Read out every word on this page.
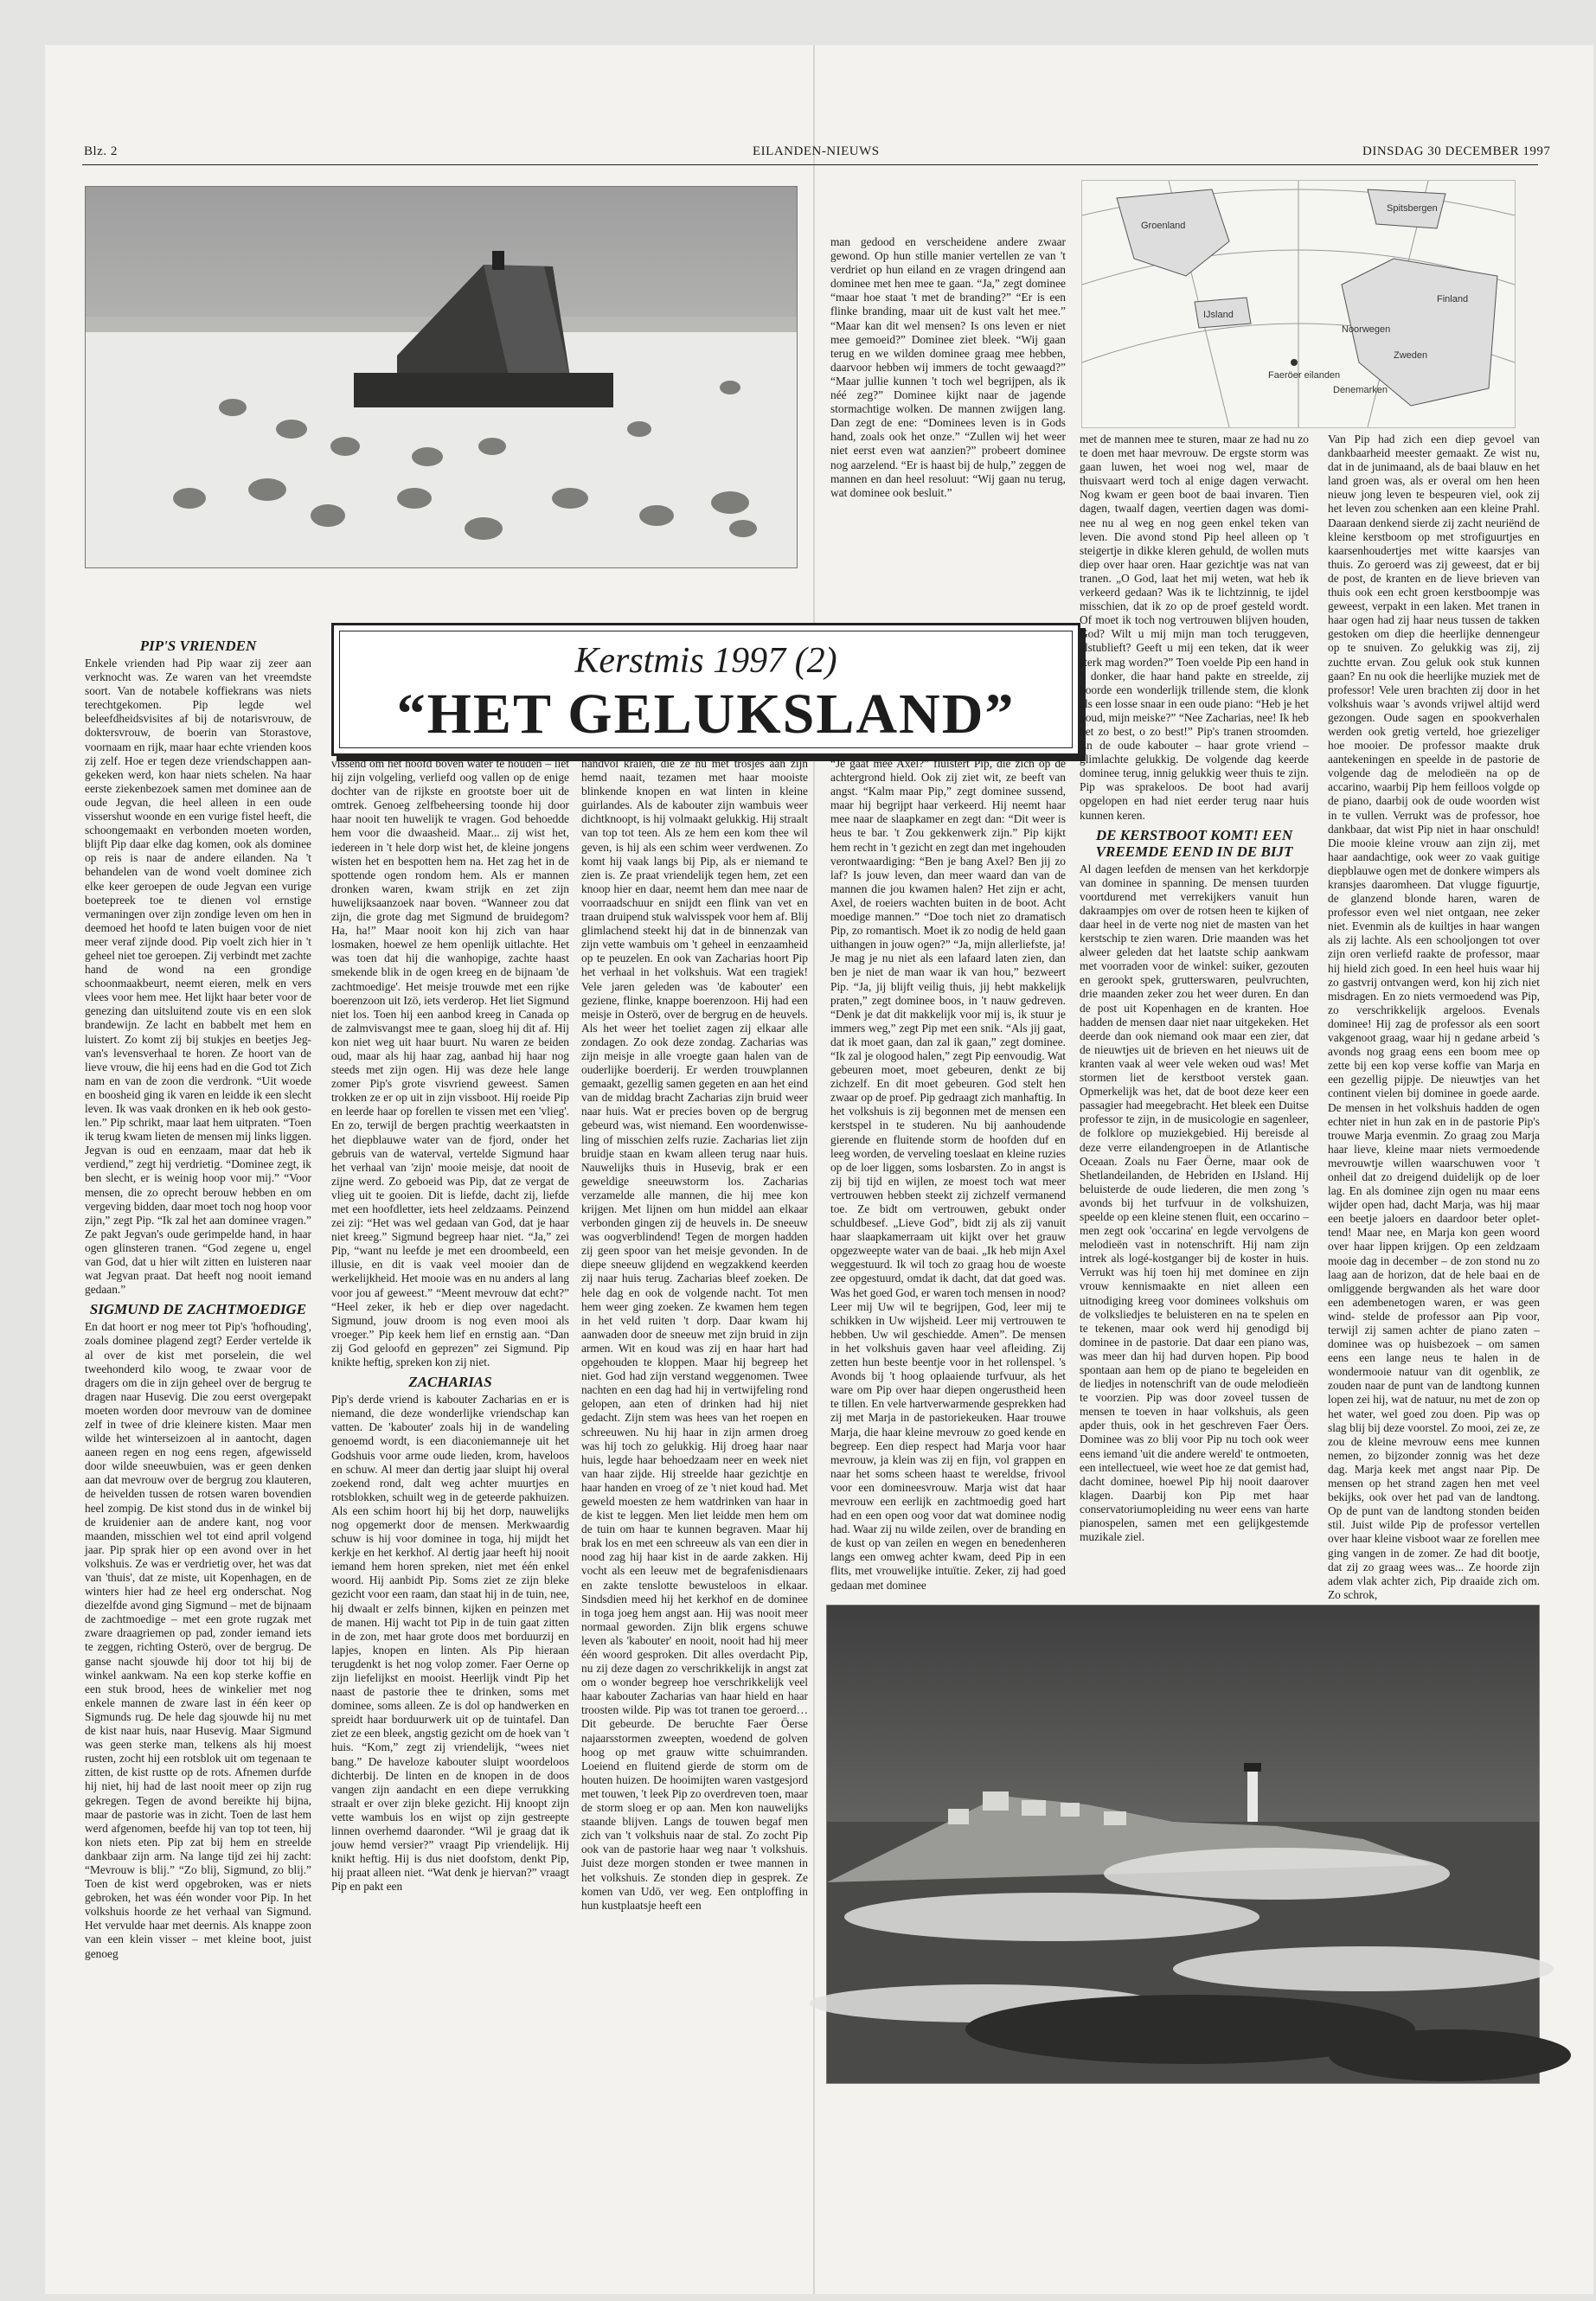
Blz. 2	EILANDEN-NIEUWS	DINSDAG 30 DECEMBER 1997
Spitsbergen
Groenland
IJsland
Finland
Noorwegen
Zweden
Faeröer eilanden
Denemarken
Kerstmis 1997 (2)
“HET GELUKSLAND”
PIP'S VRIENDEN

Enkele vrienden had Pip waar zij zeer aan verknocht was. Ze waren van het vreemdste soort. Van de notabele koffiekrans was niets terechtgekomen. Pip legde wel beleefdheidsvisites af bij de notarisvrouw, de doktersvrouw, de boerin van Storastove, voornaam en rijk, maar haar echte vrienden koos zij zelf. Hoe er tegen deze vriendschappen aangekeken werd, kon haar niets schelen. Na haar eerste ziekenbezoek samen met dominee aan de oude Jegvan, die heel alleen in een oude vissershut woonde en een vurige fistel heeft, die schoongemaakt en verbonden moeten worden, blijft Pip daar elke dag komen, ook als dominee op reis is naar de andere eilanden. Na 't behandelen van de wond voelt dominee zich elke keer geroepen de oude Jegvan een vurige boetepreek toe te dienen vol ernstige vermaningen over zijn zondige leven om hen in deemoed het hoofd te laten buigen voor de niet meer veraf zijnde dood. Pip voelt zich hier in 't geheel niet toe geroepen. Zij verbindt met zachte hand de wond na een grondige schoonmaakbeurt, neemt eieren, melk en vers vlees voor hem mee. Het lijkt haar beter voor de genezing dan uitsluitend zoute vis en een slok brandewijn. Ze lacht en babbelt met hem en luistert. Zo komt zij bij stukjes en beetjes Jegvan's levensverhaal te horen. Ze hoort van de lieve vrouw, die hij eens had en die God tot Zich nam en van de zoon die verdronk. “Uit woede en boosheid ging ik varen en leidde ik een slecht leven. Ik was vaak dronken en ik heb ook gestolen.” Pip schrikt, maar laat hem uitpraten. “Toen ik terug kwam lieten de mensen mij links liggen. Jegvan is oud en eenzaam, maar dat heb ik verdiend,” zegt hij verdrietig. “Dominee zegt, ik ben slecht, er is weinig hoop voor mij.” “Voor mensen, die zo oprecht berouw hebben en om vergeving bidden, daar moet toch nog hoop voor zijn,” zegt Pip. “Ik zal het aan dominee vragen.” Ze pakt Jegvan's oude gerimpelde hand, in haar ogen glinsteren tranen. “God zegene u, engel van God, dat u hier wilt zitten en luisteren naar wat Jegvan praat. Dat heeft nog nooit iemand gedaan.”

SIGMUND DE ZACHTMOEDIGE

En dat hoort er nog meer tot Pip's 'hofhouding', zoals dominee plagend zegt? Eerder vertelde ik al over de kist met porselein, die wel tweehonderd kilo woog, te zwaar voor de dragers om die in zijn geheel over de bergrug te dragen naar Husevig. Die zou eerst overgepakt moeten worden door mevrouw van de dominee zelf in twee of drie kleinere kisten. Maar men wilde het winterseizoen al in aantocht, dagen aaneen regen en nog eens regen, afgewisseld door wilde sneeuwbuien, was er geen denken aan dat mevrouw over de bergrug zou klauteren, de heivelden tussen de rotsen waren bovendien heel zompig. De kist stond dus in de winkel bij de kruidenier aan de andere kant, nog voor maanden, misschien wel tot eind april volgend jaar. Pip sprak hier op een avond over in het volkshuis. Ze was er verdrietig over, het was dat van 'thuis', dat ze miste, uit Kopenhagen, en de winters hier had ze heel erg onderschat. Nog diezelfde avond ging Sigmund – met de bijnaam de zachtmoedige – met een grote rugzak met zware draagriemen op pad, zonder iemand iets te zeggen, richting Osterö, over de bergrug. De ganse nacht sjouwde hij door tot hij bij de winkel aankwam. Na een kop sterke koffie en een stuk brood, hees de winkelier met nog enkele mannen de zware last in één keer op Sigmunds rug. De hele dag sjouwde hij nu met de kist naar huis, naar Husevig. Maar Sigmund was geen sterke man, telkens als hij moest rusten, zocht hij een rotsblok uit om tegenaan te zitten, de kist rustte op de rots. Afnemen durfde hij niet, hij had de last nooit meer op zijn rug gekregen. Tegen de avond bereikte hij bijna, maar de pastorie was in zicht. Toen de last hem werd afgenomen, beefde hij van top tot teen, hij kon niets eten. Pip zat bij hem en streelde dankbaar zijn arm. Na lange tijd zei hij zacht: “Mevrouw is blij.” “Zo blij, Sigmund, zo blij.” Toen de kist werd opgebroken, was er niets gebroken, het was één wonder voor Pip. In het volkshuis hoorde ze het verhaal van Sigmund. Het vervulde haar met deernis. Als knappe zoon van een klein visser – met kleine boot, juist genoeg

vissend om het hoofd boven water te houden – liet hij zijn volgeling, verliefd oog vallen op de enige dochter van de rijkste en grootste boer uit de omtrek. Genoeg zelfbeheersing toonde hij door haar nooit ten huwelijk te vragen. God behoedde hem voor die dwaasheid. Maar... zij wist het, iedereen in 't hele dorp wist het, de kleine jongens wisten het en bespotten hem na. Het zag het in de spottende ogen rondom hem. Als er mannen dronken waren, kwam strijk en zet zijn huwelijksaanzoek naar boven. “Wanneer zou dat zijn, die grote dag met Sigmund de bruidegom? Ha, ha!” Maar nooit kon hij zich van haar losmaken, hoewel ze hem openlijk uitlachte. Het was toen dat hij die wanhopige, zachte haast smekende blik in de ogen kreeg en de bijnaam 'de zachtmoedige'. Het meisje trouwde met een rijke boerenzoon uit Izö, iets verderop. Het liet Sigmund niet los. Toen hij een aanbod kreeg in Canada op de zalmvisvangst mee te gaan, sloeg hij dit af. Hij kon niet weg uit haar buurt. Nu waren ze beiden oud, maar als hij haar zag, aanbad hij haar nog steeds met zijn ogen. Hij was deze hele lange zomer Pip's grote visvriend geweest. Samen trokken ze er op uit in zijn vissboot. Hij roeide Pip en leerde haar op forellen te vissen met een 'vlieg'. En zo, terwijl de bergen prachtig weerkaatsten in het diepblauwe water van de fjord, onder het gebruis van de waterval, vertelde Sigmund haar het verhaal van 'zijn' mooie meisje, dat nooit de zijne werd. Zo geboeid was Pip, dat ze vergat de vlieg uit te gooien. Dit is liefde, dacht zij, liefde met een hoofdletter, iets heel zeldzaams. Peinzend zei zij: “Het was wel gedaan van God, dat je haar niet kreeg.” Sigmund begreep haar niet. “Ja,” zei Pip, “want nu leefde je met een droombeeld, een illusie, en dit is vaak veel mooier dan de werkelijkheid. Het mooie was en nu anders al lang voor jou af geweest.” “Meent mevrouw dat echt?” “Heel zeker, ik heb er diep over nagedacht. Sigmund, jouw droom is nog even mooi als vroeger.” Pip keek hem lief en ernstig aan. “Dan zij God geloofd en geprezen” zei Sigmund. Pip knikte heftig, spreken kon zij niet.

ZACHARIAS

Pip's derde vriend is kabouter Zacharias en er is niemand, die deze wonderlijke vriendschap kan vatten. De 'kabouter' zoals hij in de wandeling genoemd wordt, is een diaconiemanneje uit het Godshuis voor arme oude lieden, krom, haveloos en schuw. Al meer dan dertig jaar sluipt hij overal zoekend rond, dalt weg achter muurtjes en rotsblokken, schuilt weg in de geteerde pakhuizen. Als een schim hoort hij bij het dorp, nauwelijks nog opgemerkt door de mensen. Merkwaardig schuw is hij voor dominee in toga, hij mijdt het kerkje en het kerkhof. Al dertig jaar heeft hij nooit iemand hem horen spreken, niet met één enkel woord. Hij aanbidt Pip. Soms ziet ze zijn bleke gezicht voor een raam, dan staat hij in de tuin, nee, hij dwaalt er zelfs binnen, kijken en peinzen met de manen. Hij wacht tot Pip in de tuin gaat zitten in de zon, met haar grote doos met borduurzij en lapjes, knopen en linten. Als Pip hieraan terugdenkt is het nog volop zomer. Faer Oerne op zijn liefelijkst en mooist. Heerlijk vindt Pip het naast de pastorie thee te drinken, soms met dominee, soms alleen. Ze is dol op handwerken en spreidt haar borduurwerk uit op de tuintafel. Dan ziet ze een bleek, angstig gezicht om de hoek van 't huis. “Kom,” zegt zij vriendelijk, “wees niet bang.” De haveloze kabouter sluipt woordeloos dichterbij. De linten en de knopen in de doos vangen zijn aandacht en een diepe verrukking straalt er over zijn bleke gezicht. Hij knoopt zijn vette wambuis los en wijst op zijn gestreepte linnen overhemd daaronder. “Wil je graag dat ik jouw hemd versier?” vraagt Pip vriendelijk. Hij knikt heftig. Hij is dus niet doofstom, denkt Pip, hij praat alleen niet. “Wat denk je hiervan?” vraagt Pip en pakt een

handvol kralen, die ze nu met trosjes aan zijn hemd naait, tezamen met haar mooiste blinkende knopen en wat linten in kleine guirlandes. Als de kabouter zijn wambuis weer dichtknoopt, is hij volmaakt gelukkig. Hij straalt van top tot teen. Als ze hem een kom thee wil geven, is hij als een schim weer verdwenen. Zo komt hij vaak langs bij Pip, als er niemand te zien is. Ze praat vriendelijk tegen hem, zet een knoop hier en daar, neemt hem dan mee naar de voorraadschuur en snijdt een flink van vet en traan druipend stuk walvisspek voor hem af. Blij glimlachend steekt hij dat in de binnenzak van zijn vette wambuis om 't geheel in eenzaamheid op te peuzelen. En ook van Zacharias hoort Pip het verhaal in het volkshuis. Wat een tragiek! Vele jaren geleden was 'de kabouter' een geziene, flinke, knappe boerenzoon. Hij had een meisje in Osterö, over de bergrug en de heuvels. Als het weer het toeliet zagen zij elkaar alle zondagen. Zo ook deze zondag. Zacharias was zijn meisje in alle vroegte gaan halen van de ouderlijke boerderij. Er werden trouwplannen gemaakt, gezellig samen gegeten en aan het eind van de middag bracht Zacharias zijn bruid weer naar huis. Wat er precies boven op de bergrug gebeurd was, wist niemand. Een woordenwisseling of misschien zelfs ruzie. Zacharias liet zijn bruidje staan en kwam alleen terug naar huis. Nauwelijks thuis in Husevig, brak er een geweldige sneeuwstorm los. Zacharias verzamelde alle mannen, die hij mee kon krijgen. Met lijnen om hun middel aan elkaar verbonden gingen zij de heuvels in. De sneeuw was oogverblindend! Tegen de morgen hadden zij geen spoor van het meisje gevonden. In de diepe sneeuw glijdend en wegzakkend keerden zij naar huis terug. Zacharias bleef zoeken. De hele dag en ook de volgende nacht. Tot men hem weer ging zoeken. Ze kwamen hem tegen in het veld ruiten 't dorp. Daar kwam hij aanwaden door de sneeuw met zijn bruid in zijn armen. Wit en koud was zij en haar hart had opgehouden te kloppen. Maar hij begreep het niet. God had zijn verstand weggenomen. Twee nachten en een dag had hij in vertwijfeling rond gelopen, aan eten of drinken had hij niet gedacht. Zijn stem was hees van het roepen en schreeuwen. Nu hij haar in zijn armen droeg was hij toch zo gelukkig. Hij droeg haar naar huis, legde haar behoedzaam neer en week niet van haar zijde. Hij streelde haar gezichtje en haar handen en vroeg of ze 't niet koud had. Met geweld moesten ze hem watdrinken van haar in de kist te leggen. Men liet leidde men hem om de tuin om haar te kunnen begraven. Maar hij brak los en met een schreeuw als van een dier in nood zag hij haar kist in de aarde zakken. Hij vocht als een leeuw met de begrafenisdienaars en zakte tenslotte bewusteloos in elkaar. Sindsdien meed hij het kerkhof en de dominee in toga joeg hem angst aan. Hij was nooit meer normaal geworden. Zijn blik ergens schuwe leven als 'kabouter' en nooit, nooit had hij meer één woord gesproken. Dit alles overdacht Pip, nu zij deze dagen zo verschrikkelijk in angst zat om o wonder begreep hoe verschrikkelijk veel haar kabouter Zacharias van haar hield en haar troosten wilde. Pip was tot tranen toe geroerd… Dit gebeurde. De beruchte Faer Öerse najaarsstormen zweepten, woedend de golven hoog op met grauw witte schuimranden. Loeiend en fluitend gierde de storm om de houten huizen. De hooimijten waren vastgesjord met touwen, 't leek Pip zo overdreven toen, maar de storm sloeg er op aan. Men kon nauwelijks staande blijven. Langs de touwen begaf men zich van 't volkshuis naar de stal. Zo zocht Pip ook van de pastorie haar weg naar 't volkshuis. Juist deze morgen stonden er twee mannen in het volkshuis. Ze stonden diep in gesprek. Ze komen van Udö, ver weg. Een ontploffing in hun kustplaatsje heeft een

man gedood en verscheidene andere zwaar gewond. Op hun stille manier vertellen ze van 't verdriet op hun eiland en ze vragen dringend aan dominee met hen mee te gaan. “Ja,” zegt dominee “maar hoe staat 't met de branding?” “Er is een flinke branding, maar uit de kust valt het mee.” “Maar kan dit wel mensen? Is ons leven er niet mee gemoeid?” Dominee ziet bleek. “Wij gaan terug en we wilden dominee graag mee hebben, daarvoor hebben wij immers de tocht gewaagd?” “Maar jullie kunnen 't toch wel begrijpen, als ik néé zeg?” Dominee kijkt naar de jagende stormachtige wolken. De mannen zwijgen lang. Dan zegt de ene: “Dominees leven is in Gods hand, zoals ook het onze.” “Zullen wij het weer niet eerst even wat aanzien?” probeert dominee nog aarzelend. “Er is haast bij de hulp,” zeggen de mannen en dan heel resoluut: “Wij gaan nu terug, wat dominee ook besluit.”

“Je gaat mée Axel?” fluistert Pip, die zich op de achtergrond hield. Ook zij ziet wit, ze beeft van angst. “Kalm maar Pip,” zegt dominee sussend, maar hij begrijpt haar verkeerd. Hij neemt haar mee naar de slaapkamer en zegt dan: “Dit weer is heus te bar. 't Zou gekkenwerk zijn.” Pip kijkt hem recht in 't gezicht en zegt dan met ingehouden verontwaardiging: “Ben je bang Axel? Ben jij zo laf? Is jouw leven, dan meer waard dan van de mannen die jou kwamen halen? Het zijn er acht, Axel, de roeiers wachten buiten in de boot. Acht moedige mannen.” “Doe toch niet zo dramatisch Pip, zo romantisch. Moet ik zo nodig de held gaan uithangen in jouw ogen?” “Ja, mijn allerliefste, ja! Je mag je nu niet als een lafaard laten zien, dan ben je niet de man waar ik van hou,” bezweert Pip. “Ja, jij blijft veilig thuis, jij hebt makkelijk praten,” zegt dominee boos, in 't nauw gedreven. “Denk je dat dit makkelijk voor mij is, ik stuur je immers weg,” zegt Pip met een snik. “Als jij gaat, dat ik moet gaan, dan zal ik gaan,” zegt dominee. “Ik zal je ologood halen,” zegt Pip eenvoudig. Wat gebeuren moet, moet gebeuren, denkt ze bij zichzelf. En dit moet gebeuren. God stelt hen zwaar op de proef. Pip gedraagt zich manhaftig. In het volkshuis is zij begonnen met de mensen een kerstspel in te studeren. Nu bij aanhoudende gierende en fluitende storm de hoofden duf en leeg worden, de verveling toeslaat en kleine ruzies op de loer liggen, soms losbarsten. Zo in angst is zij bij tijd en wijlen, ze moest toch wat meer vertrouwen hebben steekt zij zichzelf vermanend toe. Ze bidt om vertrouwen, gebukt onder schuldbesef. „Lieve God”, bidt zij als zij vanuit haar slaapkamerraam uit kijkt over het grauw opgezweepte water van de baai. „Ik heb mijn Axel weggestuurd. Ik wil toch zo graag hou de woeste zee opgestuurd, omdat ik dacht, dat dat goed was. Was het goed God, er waren toch mensen in nood? Leer mij Uw wil te begrijpen, God, leer mij te schikken in Uw wijsheid. Leer mij vertrouwen te hebben. Uw wil geschiedde. Amen”. De mensen in het volkshuis gaven haar veel afleiding. Zij zetten hun beste beentje voor in het rollenspel. 's Avonds bij 't hoog oplaaiende turfvuur, als het ware om Pip over haar diepen ongerustheid heen te tillen. En vele hartverwarmende gesprekken had zij met Marja in de pastoriekeuken. Haar trouwe Marja, die haar kleine mevrouw zo goed kende en begreep. Een diep respect had Marja voor haar mevrouw, ja klein was zij en fijn, vol grappen en naar het soms scheen haast te wereldse, frivool voor een domineesvrouw. Marja wist dat haar mevrouw een eerlijk en zachtmoedig goed hart had en een open oog voor dat wat dominee nodig had. Waar zij nu wilde zeilen, over de branding en de kust op van zeilen en wegen en benedenheren langs een omweg achter kwam, deed Pip in een flits, met vrouwelijke intuïtie. Zeker, zij had goed gedaan met dominee

met de mannen mee te sturen, maar ze had nu zo te doen met haar mevrouw. De ergste storm was gaan luwen, het woei nog wel, maar de thuisvaart werd toch al enige dagen verwacht. Nog kwam er geen boot de baai invaren. Tien dagen, twaalf dagen, veertien dagen was dominee nu al weg en nog geen enkel teken van leven. Die avond stond Pip heel alleen op 't steigertje in dikke kleren gehuld, de wollen muts diep over haar oren. Haar gezichtje was nat van tranen. „O God, laat het mij weten, wat heb ik verkeerd gedaan? Was ik te lichtzinnig, te ijdel misschien, dat ik zo op de proef gesteld wordt. Of moet ik toch nog vertrouwen blijven houden, God? Wilt u mij mijn man toch teruggeven, alstublieft? Geeft u mij een teken, dat ik weer sterk mag worden?” Toen voelde Pip een hand in 't donker, die haar hand pakte en streelde, zij hoorde een wonderlijk trillende stem, die klonk als een losse snaar in een oude piano: “Heb je het koud, mijn meiske?” “Nee Zacharias, nee! Ik heb het zo best, o zo best!” Pip's tranen stroomden. En de oude kabouter – haar grote vriend – glimlachte gelukkig. De volgende dag keerde dominee terug, innig gelukkig weer thuis te zijn. Pip was sprakeloos. De boot had avarij opgelopen en had niet eerder terug naar huis kunnen keren.

DE KERSTBOOT KOMT! EEN VREEMDE EEND IN DE BIJT

Al dagen leefden de mensen van het kerkdorpje van dominee in spanning. De mensen tuurden voortdurend met verrekijkers vanuit hun dakraampjes om over de rotsen heen te kijken of daar heel in de verte nog niet de masten van het kerstschip te zien waren. Drie maanden was het alweer geleden dat het laatste schip aankwam met voorraden voor de winkel: suiker, gezouten en gerookt spek, grutterswaren, peulvruchten, drie maanden zeker zou het weer duren. En dan de post uit Kopenhagen en de kranten. Hoe hadden de mensen daar niet naar uitgekeken. Het deerde dan ook niemand ook maar een zier, dat de nieuwtjes uit de brieven en het nieuws uit de kranten vaak al weer vele weken oud was! Met stormen liet de kerstboot verstek gaan. Opmerkelijk was het, dat de boot deze keer een passagier had meegebracht. Het bleek een Duitse professor te zijn, in de musicologie en sagenleer, de folklore op muziekgebied. Hij bereisde al deze verre eilandengroepen in de Atlantische Oceaan. Zoals nu Faer Öerne, maar ook de Shetlandeilanden, de Hebriden en IJsland. Hij beluisterde de oude liederen, die men zong 's avonds bij het turfvuur in de volkshuizen, speelde op een kleine stenen fluit, een occarino – men zegt ook 'occarina' en legde vervolgens de melodieën vast in notenschrift. Hij nam zijn intrek als logé-kostganger bij de koster in huis. Verrukt was hij toen hij met dominee en zijn vrouw kennismaakte en niet alleen een uitnodiging kreeg voor dominees volkshuis om de volksliedjes te beluisteren en na te spelen en te tekenen, maar ook werd hij genodigd bij dominee in de pastorie. Dat daar een piano was, was meer dan hij had durven hopen. Pip bood spontaan aan hem op de piano te begeleiden en de liedjes in notenschrift van de oude melodieën te voorzien. Pip was door zoveel tussen de mensen te toeven in haar volkshuis, als geen apder thuis, ook in het geschreven Faer Öers. Dominee was zo blij voor Pip nu toch ook weer eens iemand 'uit die andere wereld' te ontmoeten, een intellectueel, wie weet hoe ze dat gemist had, dacht dominee, hoewel Pip hij nooit daarover klagen. Daarbij kon Pip met haar conservatoriumopleiding nu weer eens van harte pianospelen, samen met een gelijkgestemde muzikale ziel.

Van Pip had zich een diep gevoel van dankbaarheid meester gemaakt. Ze wist nu, dat in de junimaand, als de baai blauw en het land groen was, als er overal om hen heen nieuw jong leven te bespeuren viel, ook zij het leven zou schenken aan een kleine Prahl. Daaraan denkend sierde zij zacht neuriënd de kleine kerstboom op met strofiguurtjes en kaarsenhoudertjes met witte kaarsjes van thuis. Zo geroerd was zij geweest, dat er bij de post, de kranten en de lieve brieven van thuis ook een echt groen kerstboompje was geweest, verpakt in een laken. Met tranen in haar ogen had zij haar neus tussen de takken gestoken om diep die heerlijke dennengeur op te snuiven. Zo gelukkig was zij, zij zuchtte ervan. Zou geluk ook stuk kunnen gaan? En nu ook die heerlijke muziek met de professor! Vele uren brachten zij door in het volkshuis waar 's avonds vrijwel altijd werd gezongen. Oude sagen en spookverhalen werden ook gretig verteld, hoe griezeliger hoe mooier. De professor maakte druk aantekeningen en speelde in de pastorie de volgende dag de melodieën na op de accarino, waarbij Pip hem feilloos volgde op de piano, daarbij ook de oude woorden wist in te vullen. Verrukt was de professor, hoe dankbaar, dat wist Pip niet in haar onschuld! Die mooie kleine vrouw aan zijn zij, met haar aandachtige, ook weer zo vaak guitige diepblauwe ogen met de donkere wimpers als kransjes daaromheen. Dat vlugge figuurtje, de glanzend blonde haren, waren de professor even wel niet ontgaan, nee zeker niet. Evenmin als de kuiltjes in haar wangen als zij lachte. Als een schooljongen tot over zijn oren verliefd raakte de professor, maar hij hield zich goed. In een heel huis waar hij zo gastvrij ontvangen werd, kon hij zich niet misdragen. En zo niets vermoedend was Pip, zo verschrikkelijk argeloos. Evenals dominee! Hij zag de professor als een soort vakgenoot graag, waar hij n gedane arbeid 's avonds nog graag eens een boom mee op zette bij een kop verse koffie van Marja en een gezellig pijpje. De nieuwtjes van het continent vielen bij dominee in goede aarde. De mensen in het volkshuis hadden de ogen echter niet in hun zak en in de pastorie Pip's trouwe Marja evenmin. Zo graag zou Marja haar lieve, kleine maar niets vermoedende mevrouwtje willen waarschuwen voor 't onheil dat zo dreigend duidelijk op de loer lag. En als dominee zijn ogen nu maar eens wijder open had, dacht Marja, was hij maar een beetje jaloers en daardoor beter oplettend! Maar nee, en Marja kon geen woord over haar lippen krijgen. Op een zeldzaam mooie dag in december – de zon stond nu zo laag aan de horizon, dat de hele baai en de omliggende bergwanden als het ware door een adembenetogen waren, er was geen wind- stelde de professor aan Pip voor, terwijl zij samen achter de piano zaten – dominee was op huisbezoek – om samen eens een lange neus te halen in de wondermooie natuur van dit ogenblik, ze zouden naar de punt van de landtong kunnen lopen zei hij, wat de natuur, nu met de zon op het water, wel goed zou doen. Pip was op slag blij bij deze voorstel. Zo mooi, zei ze, ze zou de kleine mevrouw eens mee kunnen nemen, zo bijzonder zonnig was het deze dag. Marja keek met angst naar Pip. De mensen op het strand zagen hen met veel bekijks, ook over het pad van de landtong. Op de punt van de landtong stonden beiden stil. Juist wilde Pip de professor vertellen over haar kleine visboot waar ze forellen mee ging vangen in de zomer. Ze had dit bootje, dat zij zo graag wees was... Ze hoorde zijn adem vlak achter zich, Pip draaide zich om. Zo schrok,
